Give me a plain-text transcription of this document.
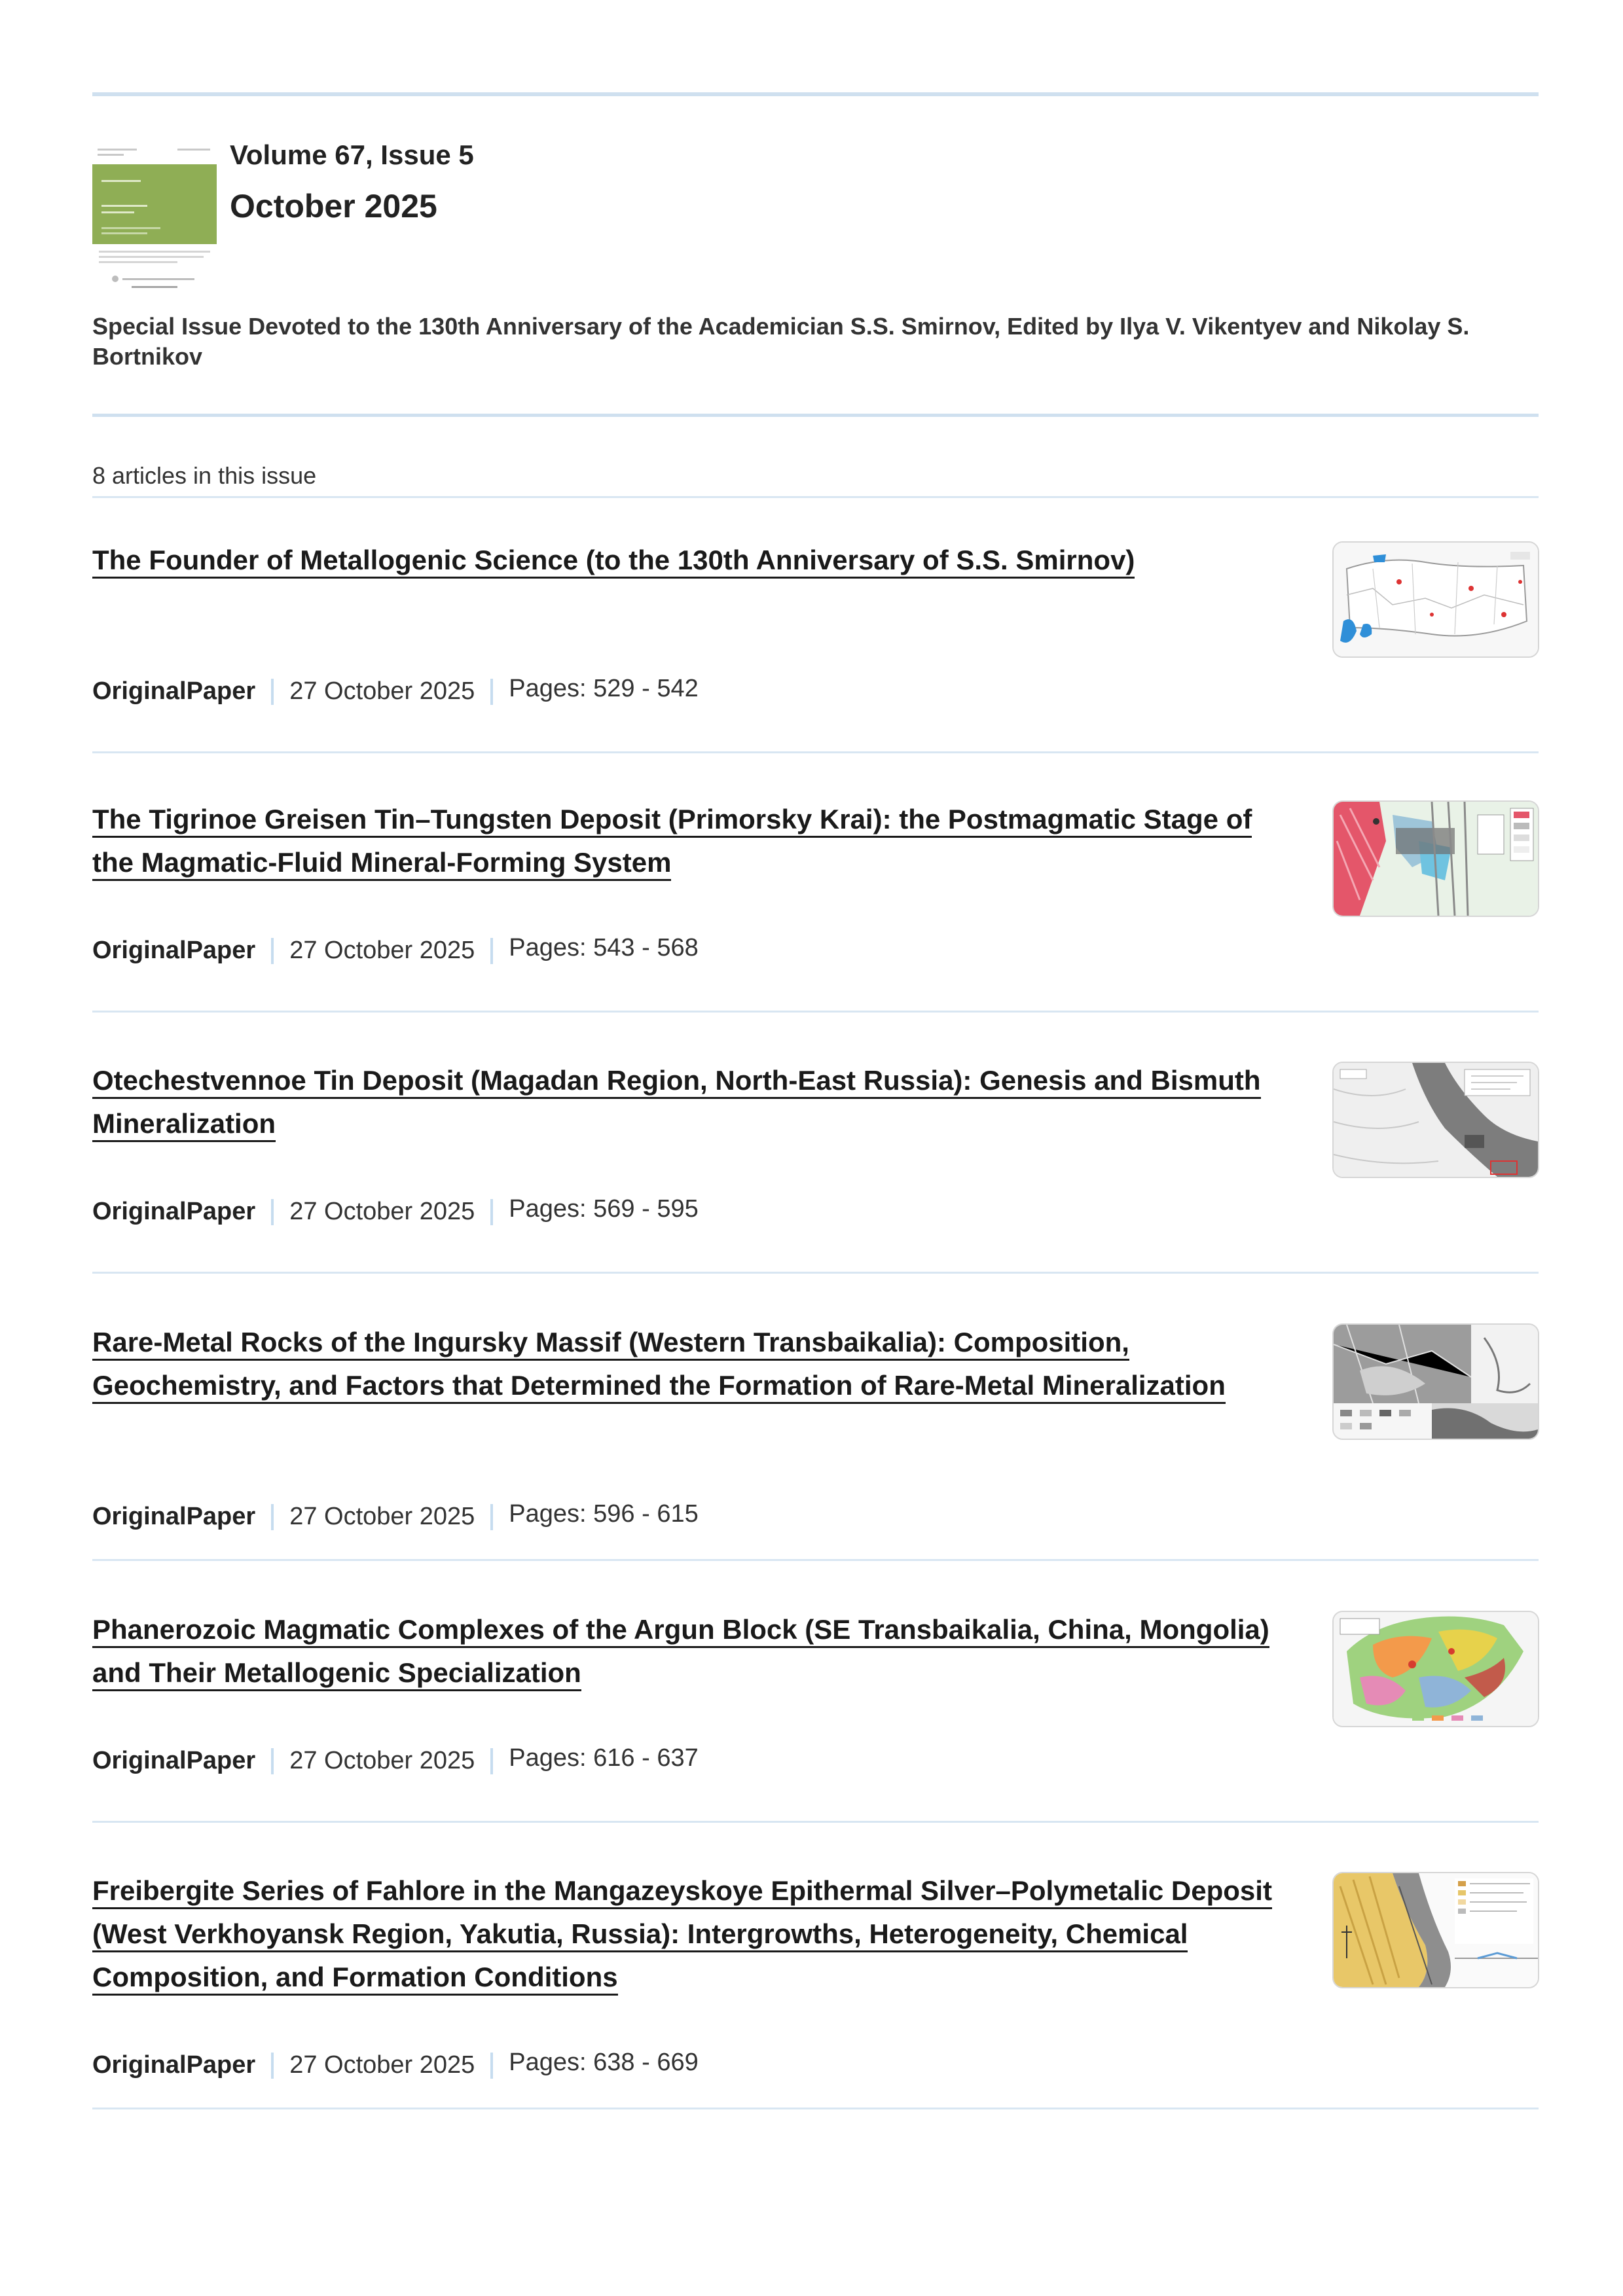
Volume 67, Issue 5
October 2025
Special Issue Devoted to the 130th Anniversary of the Academician S.S. Smirnov, Edited by Ilya V. Vikentyev and Nikolay S. Bortnikov
8 articles in this issue
The Founder of Metallogenic Science (to the 130th Anniversary of S.S. Smirnov)
OriginalPaper 27 October 2025 Pages: 529 - 542
The Tigrinoe Greisen Tin–Tungsten Deposit (Primorsky Krai): the Postmagmatic Stage of the Magmatic-Fluid Mineral-Forming System
OriginalPaper 27 October 2025 Pages: 543 - 568
Otechestvennoe Tin Deposit (Magadan Region, North-East Russia): Genesis and Bismuth Mineralization
OriginalPaper 27 October 2025 Pages: 569 - 595
Rare-Metal Rocks of the Ingursky Massif (Western Transbaikalia): Composition, Geochemistry, and Factors that Determined the Formation of Rare-Metal Mineralization
OriginalPaper 27 October 2025 Pages: 596 - 615
Phanerozoic Magmatic Complexes of the Argun Block (SE Transbaikalia, China, Mongolia) and Their Metallogenic Specialization
OriginalPaper 27 October 2025 Pages: 616 - 637
Freibergite Series of Fahlore in the Mangazeyskoye Epithermal Silver–Polymetalic Deposit (West Verkhoyansk Region, Yakutia, Russia): Intergrowths, Heterogeneity, Chemical Composition, and Formation Conditions
OriginalPaper 27 October 2025 Pages: 638 - 669
